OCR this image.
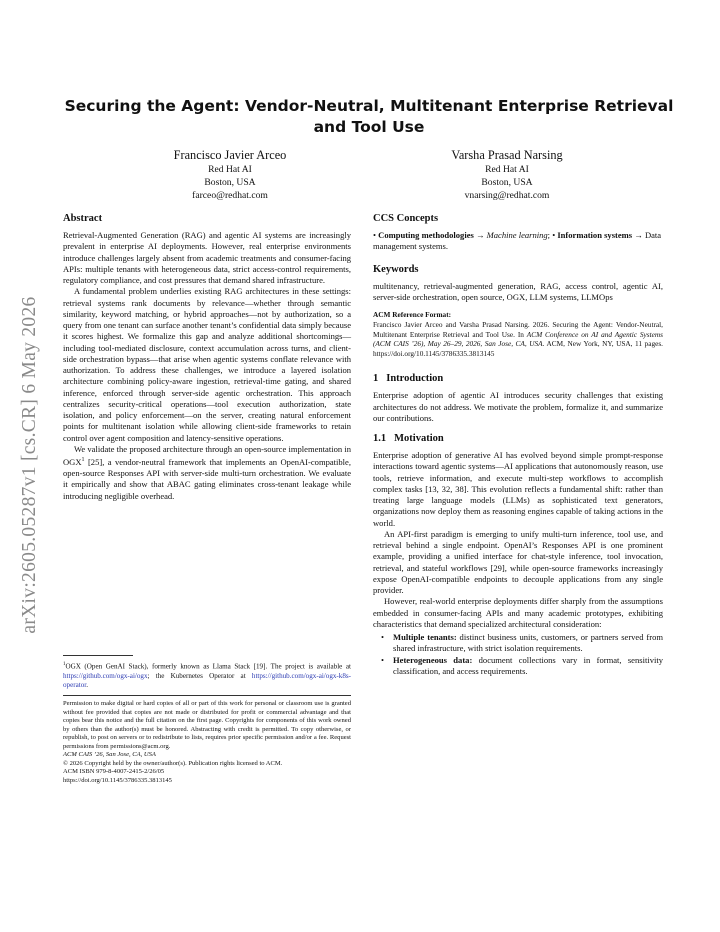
arXiv:2605.05287v1 [cs.CR] 6 May 2026
Securing the Agent: Vendor-Neutral, Multitenant Enterprise Retrieval and Tool Use
Francisco Javier Arceo
Red Hat AI
Boston, USA
farceo@redhat.com
Varsha Prasad Narsing
Red Hat AI
Boston, USA
vnarsing@redhat.com
Abstract

Retrieval-Augmented Generation (RAG) and agentic AI systems are increasingly prevalent in enterprise AI deployments. However, real enterprise environments introduce challenges largely absent from academic treatments and consumer-facing APIs: multiple tenants with heterogeneous data, strict access-control requirements, regulatory compliance, and cost pressures that demand shared infrastructure.

A fundamental problem underlies existing RAG architectures in these settings: retrieval systems rank documents by relevance—whether through semantic similarity, keyword matching, or hybrid approaches—not by authorization, so a query from one tenant can surface another tenant’s confidential data simply because it scores highest. We formalize this gap and analyze additional shortcomings—including tool-mediated disclosure, context accumulation across turns, and client-side orchestration bypass—that arise when agentic systems conflate relevance with authorization. To address these challenges, we introduce a layered isolation architecture combining policy-aware ingestion, retrieval-time gating, and shared inference, enforced through server-side agentic orchestration. This approach centralizes security-critical operations—tool execution authorization, state isolation, and policy enforcement—on the server, creating natural enforcement points for multitenant isolation while allowing client-side frameworks to retain control over agent composition and latency-sensitive operations.

We validate the proposed architecture through an open-source implementation in OGX$^1$ [25], a vendor-neutral framework that implements an OpenAI-compatible, open-source Responses API with server-side multi-turn orchestration. We evaluate it empirically and show that ABAC gating eliminates cross-tenant leakage while introducing negligible overhead.

$^1$OGX (Open GenAI Stack), formerly known as Llama Stack [19]. The project is available at https://github.com/ogx-ai/ogx; the Kubernetes Operator at https://github.com/ogx-ai/ogx-k8s-operator.

Permission to make digital or hard copies of all or part of this work for personal or classroom use is granted without fee provided that copies are not made or distributed for profit or commercial advantage and that copies bear this notice and the full citation on the first page. Copyrights for components of this work owned by others than the author(s) must be honored. Abstracting with credit is permitted. To copy otherwise, or republish, to post on servers or to redistribute to lists, requires prior specific permission and/or a fee. Request permissions from permissions@acm.org.

ACM CAIS ’26, San Jose, CA, USA

© 2026 Copyright held by the owner/author(s). Publication rights licensed to ACM.

ACM ISBN 979-8-4007-2415-2/26/05

https://doi.org/10.1145/3786335.3813145

CCS Concepts

• Computing methodologies → Machine learning; • Information systems → Data management systems.

Keywords

multitenancy, retrieval-augmented generation, RAG, access control, agentic AI, server-side orchestration, open source, OGX, LLM systems, LLMOps

ACM Reference Format:

Francisco Javier Arceo and Varsha Prasad Narsing. 2026. Securing the Agent: Vendor-Neutral, Multitenant Enterprise Retrieval and Tool Use. In ACM Conference on AI and Agentic Systems (ACM CAIS ’26), May 26–29, 2026, San Jose, CA, USA. ACM, New York, NY, USA, 11 pages. https://doi.org/10.1145/3786335.3813145

1 Introduction

Enterprise adoption of agentic AI introduces security challenges that existing architectures do not address. We motivate the problem, formalize it, and summarize our contributions.

1.1 Motivation

Enterprise adoption of generative AI has evolved beyond simple prompt-response interactions toward agentic systems—AI applications that autonomously reason, use tools, retrieve information, and execute multi-step workflows to accomplish complex tasks [13, 32, 38]. This evolution reflects a fundamental shift: rather than treating large language models (LLMs) as sophisticated text generators, organizations now deploy them as reasoning engines capable of taking actions in the world.

An API-first paradigm is emerging to unify multi-turn inference, tool use, and retrieval behind a single endpoint. OpenAI’s Responses API is one prominent example, providing a unified interface for chat-style inference, tool invocation, retrieval, and stateful workflows [29], while open-source frameworks increasingly expose OpenAI-compatible endpoints to decouple applications from any single provider.

However, real-world enterprise deployments differ sharply from the assumptions embedded in consumer-facing APIs and many academic prototypes, exhibiting characteristics that demand specialized architectural consideration:

• Multiple tenants: distinct business units, customers, or partners served from shared infrastructure, with strict isolation requirements.
• Heterogeneous data: document collections vary in format, sensitivity classification, and access requirements.
